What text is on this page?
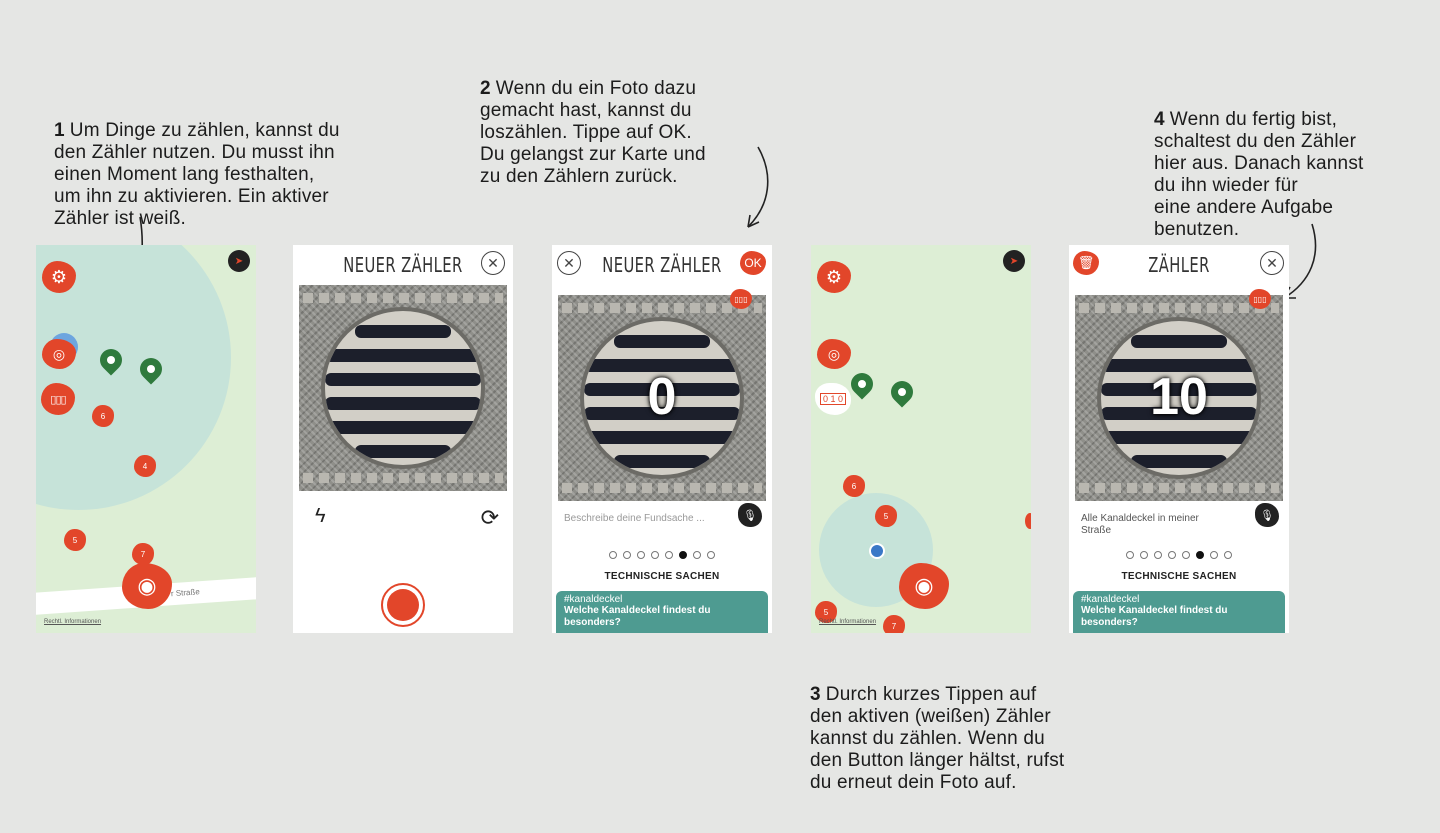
1 Um Dinge zu zählen, kannst du
den Zähler nutzen. Du musst ihn
einen Moment lang festhalten,
um ihn zu aktivieren. Ein aktiver
Zähler ist weiß.

2 Wenn du ein Foto dazu
gemacht hast, kannst du
loszählen. Tippe auf OK.
Du gelangst zur Karte und
zu den Zählern zurück.

3 Durch kurzes Tippen auf
den aktiven (weißen) Zähler
kannst du zählen. Wenn du
den Button länger hältst, rufst
du erneut dein Foto auf.

4 Wenn du fertig bist,
schaltest du den Zähler
hier aus. Danach kannst
du ihn wieder für
eine andere Aufgabe
benutzen.

➤
⚙
◎
▯▯▯
6
4
5
7
r Straße
◉
Rechtl. Informationen
NEUER ZÄHLER	✕
ϟ	⟳
NEUER ZÄHLER
✕	OK
0
▯▯▯
Beschreibe deine Fundsache ...	🎙
TECHNISCHE SACHEN
#kanaldeckel
Welche Kanaldeckel findest du besonders?
➤
⚙
◎
0 1 0
6
5
5
7
◉
Rechtl. Informationen
ZÄHLER
🗑	✕
10
▯▯▯
Alle Kanaldeckel in meiner Straße
🎙
TECHNISCHE SACHEN
#kanaldeckel
Welche Kanaldeckel findest du besonders?
